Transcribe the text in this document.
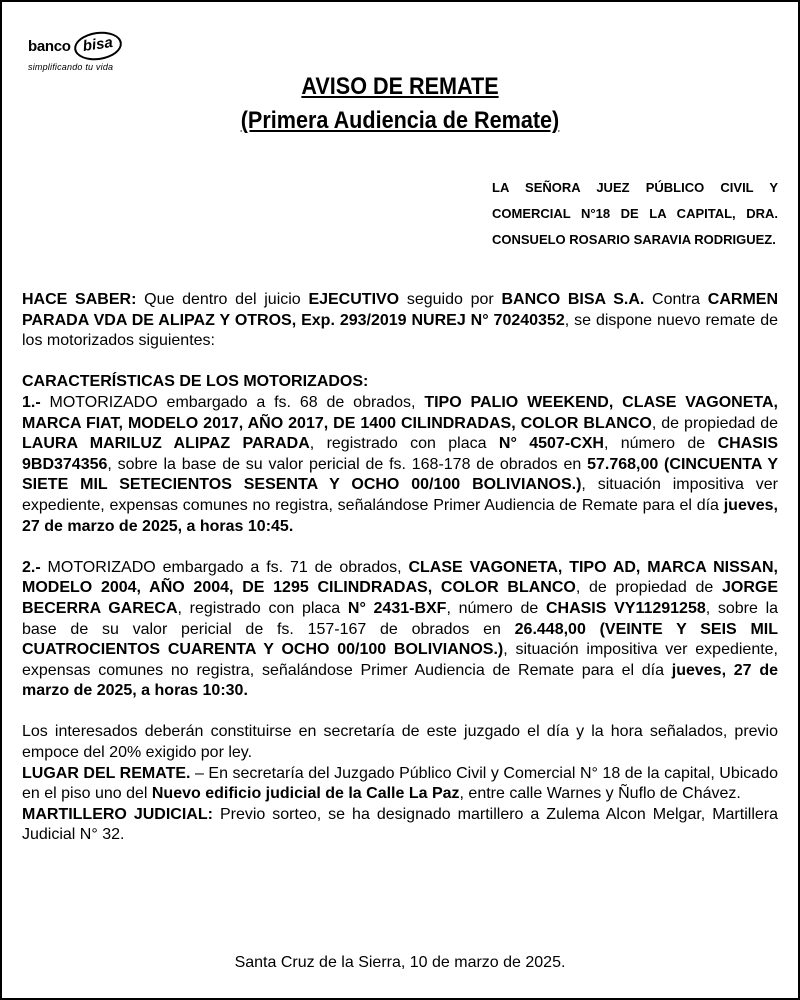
banco bisa
simplificando tu vida
AVISO DE REMATE
(Primera Audiencia de Remate)

LA SEÑORA JUEZ PÚBLICO CIVIL Y COMERCIAL N°18 DE LA CAPITAL, DRA. CONSUELO ROSARIO SARAVIA RODRIGUEZ.

HACE SABER: Que dentro del juicio EJECUTIVO seguido por BANCO BISA S.A. Contra CARMEN PARADA VDA DE ALIPAZ Y OTROS, Exp. 293/2019 NUREJ N° 70240352, se dispone nuevo remate de los motorizados siguientes:

CARACTERÍSTICAS DE LOS MOTORIZADOS:

1.- MOTORIZADO embargado a fs. 68 de obrados, TIPO PALIO WEEKEND, CLASE VAGONETA, MARCA FIAT, MODELO 2017, AÑO 2017, DE 1400 CILINDRADAS, COLOR BLANCO, de propiedad de LAURA MARILUZ ALIPAZ PARADA, registrado con placa N° 4507-CXH, número de CHASIS 9BD374356, sobre la base de su valor pericial de fs. 168-178 de obrados en 57.768,00 (CINCUENTA Y SIETE MIL SETECIENTOS SESENTA Y OCHO 00/100 BOLIVIANOS.), situación impositiva ver expediente, expensas comunes no registra, señalándose Primer Audiencia de Remate para el día jueves, 27 de marzo de 2025, a horas 10:45.

2.- MOTORIZADO embargado a fs. 71 de obrados, CLASE VAGONETA, TIPO AD, MARCA NISSAN, MODELO 2004, AÑO 2004, DE 1295 CILINDRADAS, COLOR BLANCO, de propiedad de JORGE BECERRA GARECA, registrado con placa N° 2431-BXF, número de CHASIS VY11291258, sobre la base de su valor pericial de fs. 157-167 de obrados en 26.448,00 (VEINTE Y SEIS MIL CUATROCIENTOS CUARENTA Y OCHO 00/100 BOLIVIANOS.), situación impositiva ver expediente, expensas comunes no registra, señalándose Primer Audiencia de Remate para el día jueves, 27 de marzo de 2025, a horas 10:30.

Los interesados deberán constituirse en secretaría de este juzgado el día y la hora señalados, previo empoce del 20% exigido por ley.

LUGAR DEL REMATE. – En secretaría del Juzgado Público Civil y Comercial N° 18 de la capital, Ubicado en el piso uno del Nuevo edificio judicial de la Calle La Paz, entre calle Warnes y Ñuflo de Chávez.

MARTILLERO JUDICIAL: Previo sorteo, se ha designado martillero a Zulema Alcon Melgar, Martillera Judicial N° 32.

Santa Cruz de la Sierra, 10 de marzo de 2025.
